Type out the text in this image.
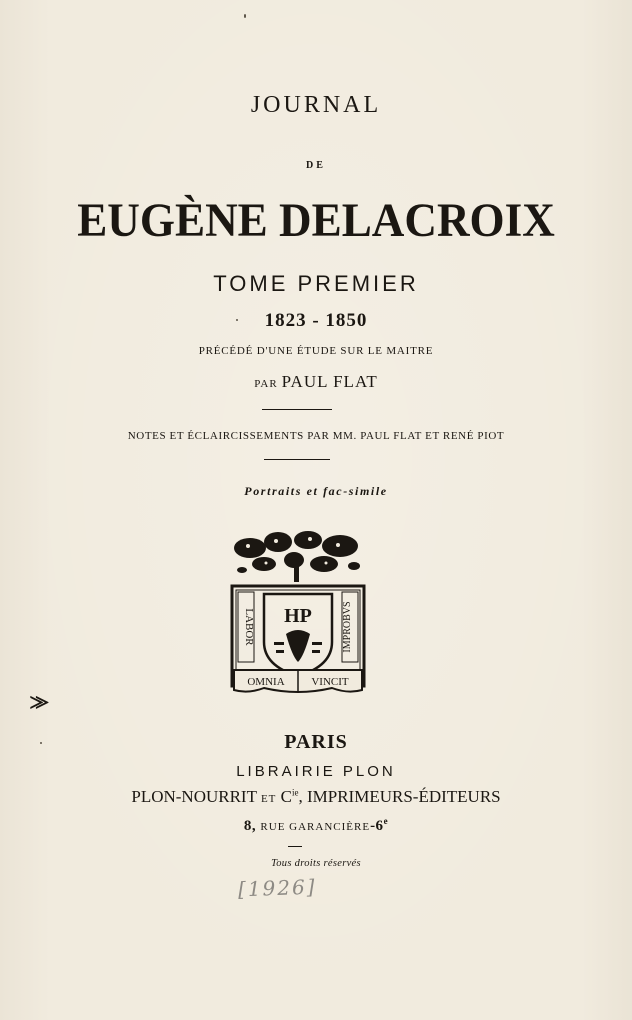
JOURNAL
DE
EUGÈNE DELACROIX
TOME PREMIER
1823 - 1850
PRÉCÉDÉ D'UNE ÉTUDE SUR LE MAITRE
PAR PAUL FLAT
NOTES ET ÉCLAIRCISSEMENTS PAR MM. PAUL FLAT ET RENÉ PIOT
Portraits et fac-simile
LABOR	IMPROBVS
HP
OMNIA VINCIT
PARIS
LIBRAIRIE PLON
PLON-NOURRIT ET $C^{ie}$, IMPRIMEURS-ÉDITEURS
8, RUE GARANCIÈRE-6e
Tous droits réservés
[1926]
⨠
